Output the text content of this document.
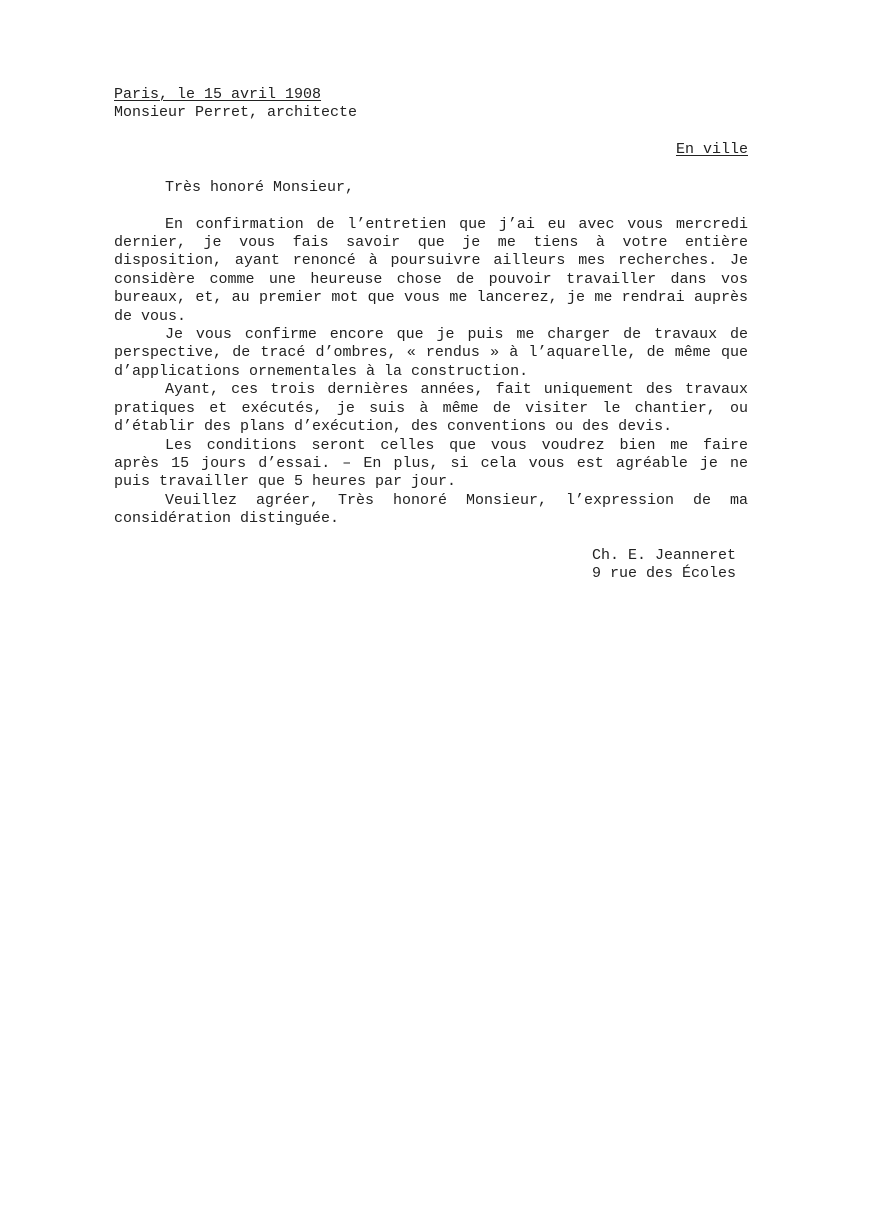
Paris, le 15 avril 1908
Monsieur Perret, architecte
En ville
Très honoré Monsieur,

En confirmation de l’entretien que j’ai eu avec vous mercredi dernier, je vous fais savoir que je me tiens à votre entière disposition, ayant renoncé à poursuivre ailleurs mes recherches. Je considère comme une heureuse chose de pouvoir travailler dans vos bureaux, et, au premier mot que vous me lancerez, je me rendrai auprès de vous.

Je vous confirme encore que je puis me charger de travaux de perspective, de tracé d’ombres, « rendus » à l’aquarelle, de même que d’applications ornementales à la construction.

Ayant, ces trois dernières années, fait uniquement des travaux pratiques et exécutés, je suis à même de visiter le chantier, ou d’établir des plans d’exécution, des conventions ou des devis.

Les conditions seront celles que vous voudrez bien me faire après 15 jours d’essai. – En plus, si cela vous est agréable je ne puis travailler que 5 heures par jour.

Veuillez agréer, Très honoré Monsieur, l’expression de ma considération distinguée.

Ch. E. Jeanneret
9 rue des Écoles
